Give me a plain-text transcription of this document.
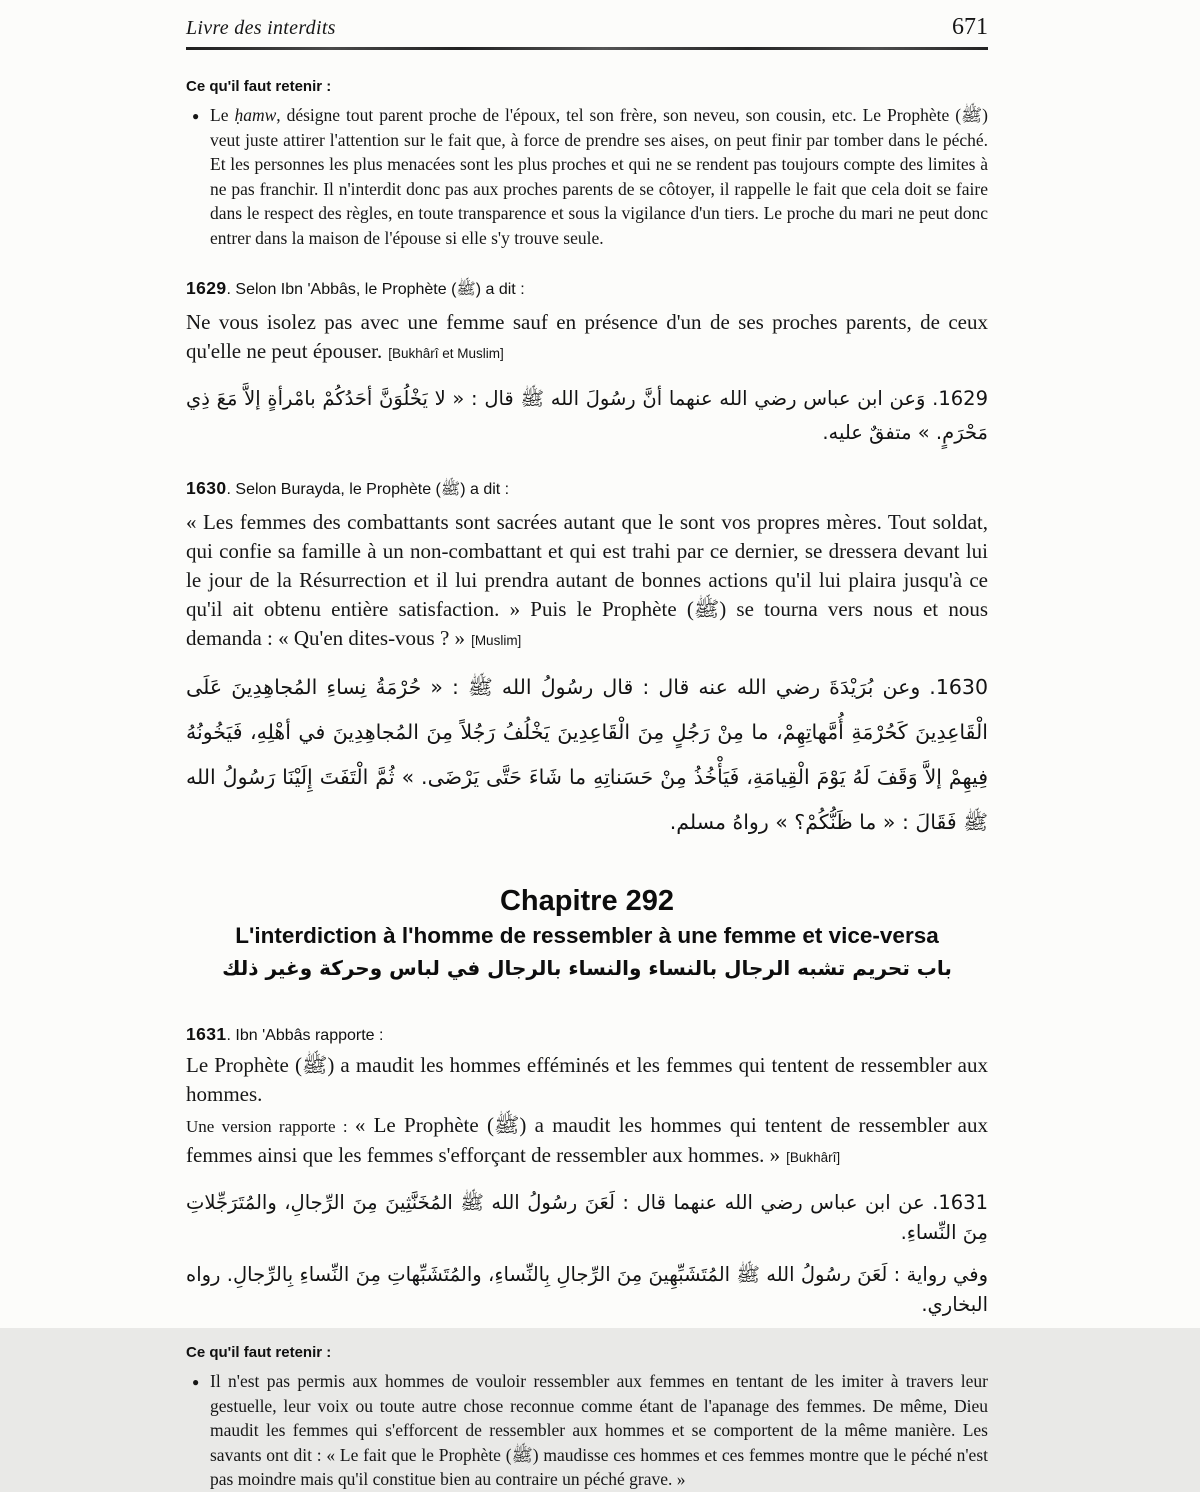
Livre des interdits	671

Ce qu'il faut retenir :

● Le ḥamw, désigne tout parent proche de l'époux, tel son frère, son neveu, son cousin, etc. Le Prophète (ﷺ) veut juste attirer l'attention sur le fait que, à force de prendre ses aises, on peut finir par tomber dans le péché. Et les personnes les plus menacées sont les plus proches et qui ne se rendent pas toujours compte des limites à ne pas franchir. Il n'interdit donc pas aux proches parents de se côtoyer, il rappelle le fait que cela doit se faire dans le respect des règles, en toute transparence et sous la vigilance d'un tiers. Le proche du mari ne peut donc entrer dans la maison de l'épouse si elle s'y trouve seule.

1629. Selon Ibn 'Abbâs, le Prophète (ﷺ) a dit :

Ne vous isolez pas avec une femme sauf en présence d'un de ses proches parents, de ceux qu'elle ne peut épouser. [Bukhârî et Muslim]

1629. وَعن ابن عباس رضي الله عنهما أنَّ رسُولَ الله ﷺ قال : « لا يَخْلُوَنَّ أحَدُكُمْ بامْرأةٍ إلاَّ مَعَ ذِي مَحْرَمٍ. » متفقٌ عليه.

1630. Selon Burayda, le Prophète (ﷺ) a dit :

« Les femmes des combattants sont sacrées autant que le sont vos propres mères. Tout soldat, qui confie sa famille à un non-combattant et qui est trahi par ce dernier, se dressera devant lui le jour de la Résurrection et il lui prendra autant de bonnes actions qu'il lui plaira jusqu'à ce qu'il ait obtenu entière satisfaction. » Puis le Prophète (ﷺ) se tourna vers nous et nous demanda : « Qu'en dites-vous ? » [Muslim]

1630. وعن بُرَيْدَةَ رضي الله عنه قال : قال رسُولُ الله ﷺ : « حُرْمَةُ نِساءِ المُجاهِدِينَ عَلَى الْقَاعِدِينَ كَحُرْمَةِ أُمَّهاتِهِمْ، ما مِنْ رَجُلٍ مِنَ الْقَاعِدِينَ يَخْلُفُ رَجُلاً مِنَ المُجاهِدِينَ في أهْلِهِ، فَيَخُونُهُ فِيهِمْ إلاَّ وَقَفَ لَهُ يَوْمَ الْقِيامَةِ، فَيَأْخُذُ مِنْ حَسَناتِهِ ما شَاءَ حَتَّى يَرْضَى. » ثُمَّ الْتَفَتَ إِلَيْنَا رَسُولُ الله ﷺ فَقَالَ : « ما ظَنُّكُمْ؟ » رواهُ مسلم.

Chapitre 292
L'interdiction à l'homme de ressembler à une femme et vice-versa
باب تحريم تشبه الرجال بالنساء والنساء بالرجال في لباس وحركة وغير ذلك

1631. Ibn 'Abbâs rapporte :

Le Prophète (ﷺ) a maudit les hommes efféminés et les femmes qui tentent de ressembler aux hommes.

Une version rapporte : « Le Prophète (ﷺ) a maudit les hommes qui tentent de ressembler aux femmes ainsi que les femmes s'efforçant de ressembler aux hommes. » [Bukhârî]

1631. عن ابن عباس رضي الله عنهما قال : لَعَنَ رسُولُ الله ﷺ المُخَنَّثِينَ مِنَ الرِّجالِ، والمُتَرَجِّلاتِ مِنَ النِّساءِ.

وفي رواية : لَعَنَ رسُولُ الله ﷺ المُتَشَبِّهِينَ مِنَ الرِّجالِ بِالنِّساءِ، والمُتَشَبِّهاتِ مِنَ النِّساءِ بِالرِّجالِ. رواه البخاري.

Ce qu'il faut retenir :

● Il n'est pas permis aux hommes de vouloir ressembler aux femmes en tentant de les imiter à travers leur gestuelle, leur voix ou toute autre chose reconnue comme étant de l'apanage des femmes. De même, Dieu maudit les femmes qui s'efforcent de ressembler aux hommes et se comportent de la même manière. Les savants ont dit : « Le fait que le Prophète (ﷺ) maudisse ces hommes et ces femmes montre que le péché n'est pas moindre mais qu'il constitue bien au contraire un péché grave. »
